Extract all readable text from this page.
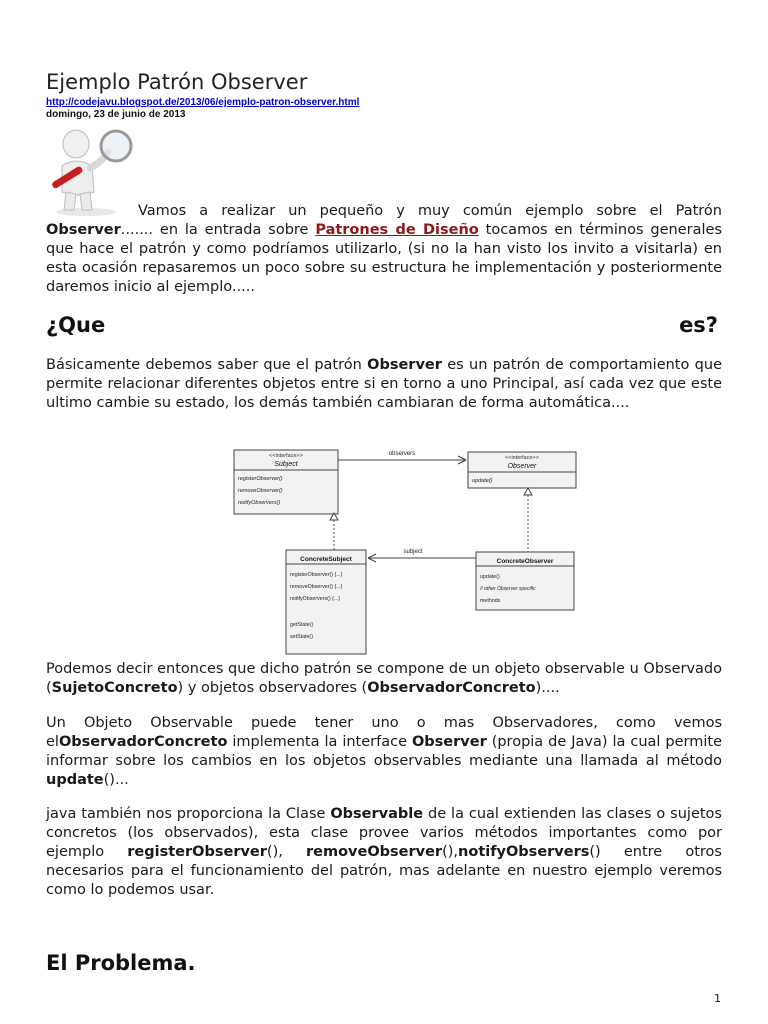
Ejemplo Patrón Observer
http://codejavu.blogspot.de/2013/06/ejemplo-patron-observer.html
domingo, 23 de junio de 2013

Vamos a realizar un pequeño y muy común ejemplo sobre el Patrón Observer....... en la entrada sobre Patrones de Diseño tocamos en términos generales que hace el patrón y como podríamos utilizarlo, (si no la han visto los invito a visitarla) en esta ocasión repasaremos un poco sobre su estructura he implementación y posteriormente daremos inicio al ejemplo.....

¿Que	es?

Básicamente debemos saber que el patrón Observer es un patrón de comportamiento que permite relacionar diferentes objetos entre si en torno a uno Principal, así cada vez que este ultimo cambie su estado, los demás también cambiaran de forma automática....

<<interface>>
Subject
registerObserver()
removeObserver()
notifyObservers()
<<interface>>
Observer
update()
observers
ConcreteSubject
registerObserver() {...}
removeObserver() {...}
notifyObservers() {...}
getState()
setState()
ConcreteObserver
update()
// other Observer specific
methods
subject

Podemos decir entonces que dicho patrón se compone de un objeto observable u Observado (SujetoConcreto) y objetos observadores (ObservadorConcreto)....

Un Objeto Observable puede tener uno o mas Observadores, como vemos elObservadorConcreto implementa la interface Observer (propia de Java) la cual permite informar sobre los cambios en los objetos observables mediante una llamada al método update()...

java también nos proporciona la Clase Observable de la cual extienden las clases o sujetos concretos (los observados), esta clase provee varios métodos importantes como por ejemplo registerObserver(), removeObserver(),notifyObservers() entre otros necesarios para el funcionamiento del patrón, mas adelante en nuestro ejemplo veremos como lo podemos usar.

El Problema.
1
